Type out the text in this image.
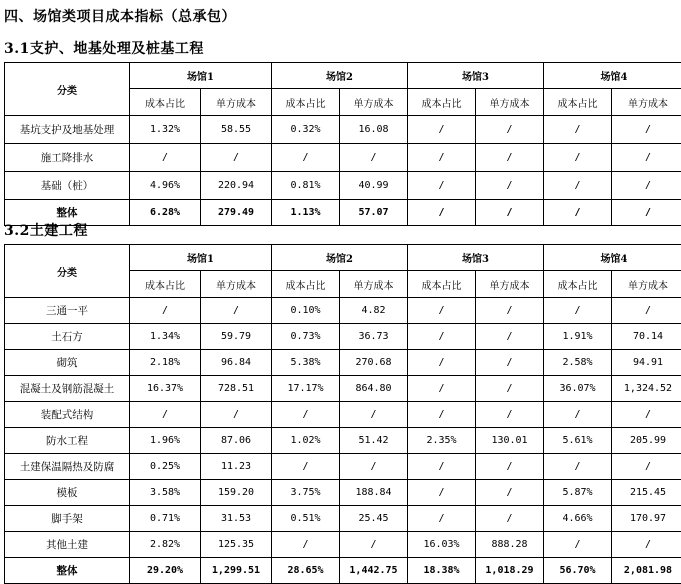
四、场馆类项目成本指标（总承包）
3.1支护、地基处理及桩基工程
分类	场馆1		场馆2		场馆3		场馆4	
	成本占比	单方成本	成本占比	单方成本	成本占比	单方成本	成本占比	单方成本
基坑支护及地基处理	1.32%	58.55	0.32%	16.08	/	/	/	/
施工降排水	/	/	/	/	/	/	/	/
基础（桩）	4.96%	220.94	0.81%	40.99	/	/	/	/
整体	6.28%	279.49	1.13%	57.07	/	/	/	/
3.2土建工程
分类	场馆1		场馆2		场馆3		场馆4	
	成本占比	单方成本	成本占比	单方成本	成本占比	单方成本	成本占比	单方成本
三通一平	/	/	0.10%	4.82	/	/	/	/
土石方	1.34%	59.79	0.73%	36.73	/	/	1.91%	70.14
砌筑	2.18%	96.84	5.38%	270.68	/	/	2.58%	94.91
混凝土及钢筋混凝土	16.37%	728.51	17.17%	864.80	/	/	36.07%	1,324.52
装配式结构	/	/	/	/	/	/	/	/
防水工程	1.96%	87.06	1.02%	51.42	2.35%	130.01	5.61%	205.99
土建保温隔热及防腐	0.25%	11.23	/	/	/	/	/	/
模板	3.58%	159.20	3.75%	188.84	/	/	5.87%	215.45
脚手架	0.71%	31.53	0.51%	25.45	/	/	4.66%	170.97
其他土建	2.82%	125.35	/	/	16.03%	888.28	/	/
整体	29.20%	1,299.51	28.65%	1,442.75	18.38%	1,018.29	56.70%	2,081.98
